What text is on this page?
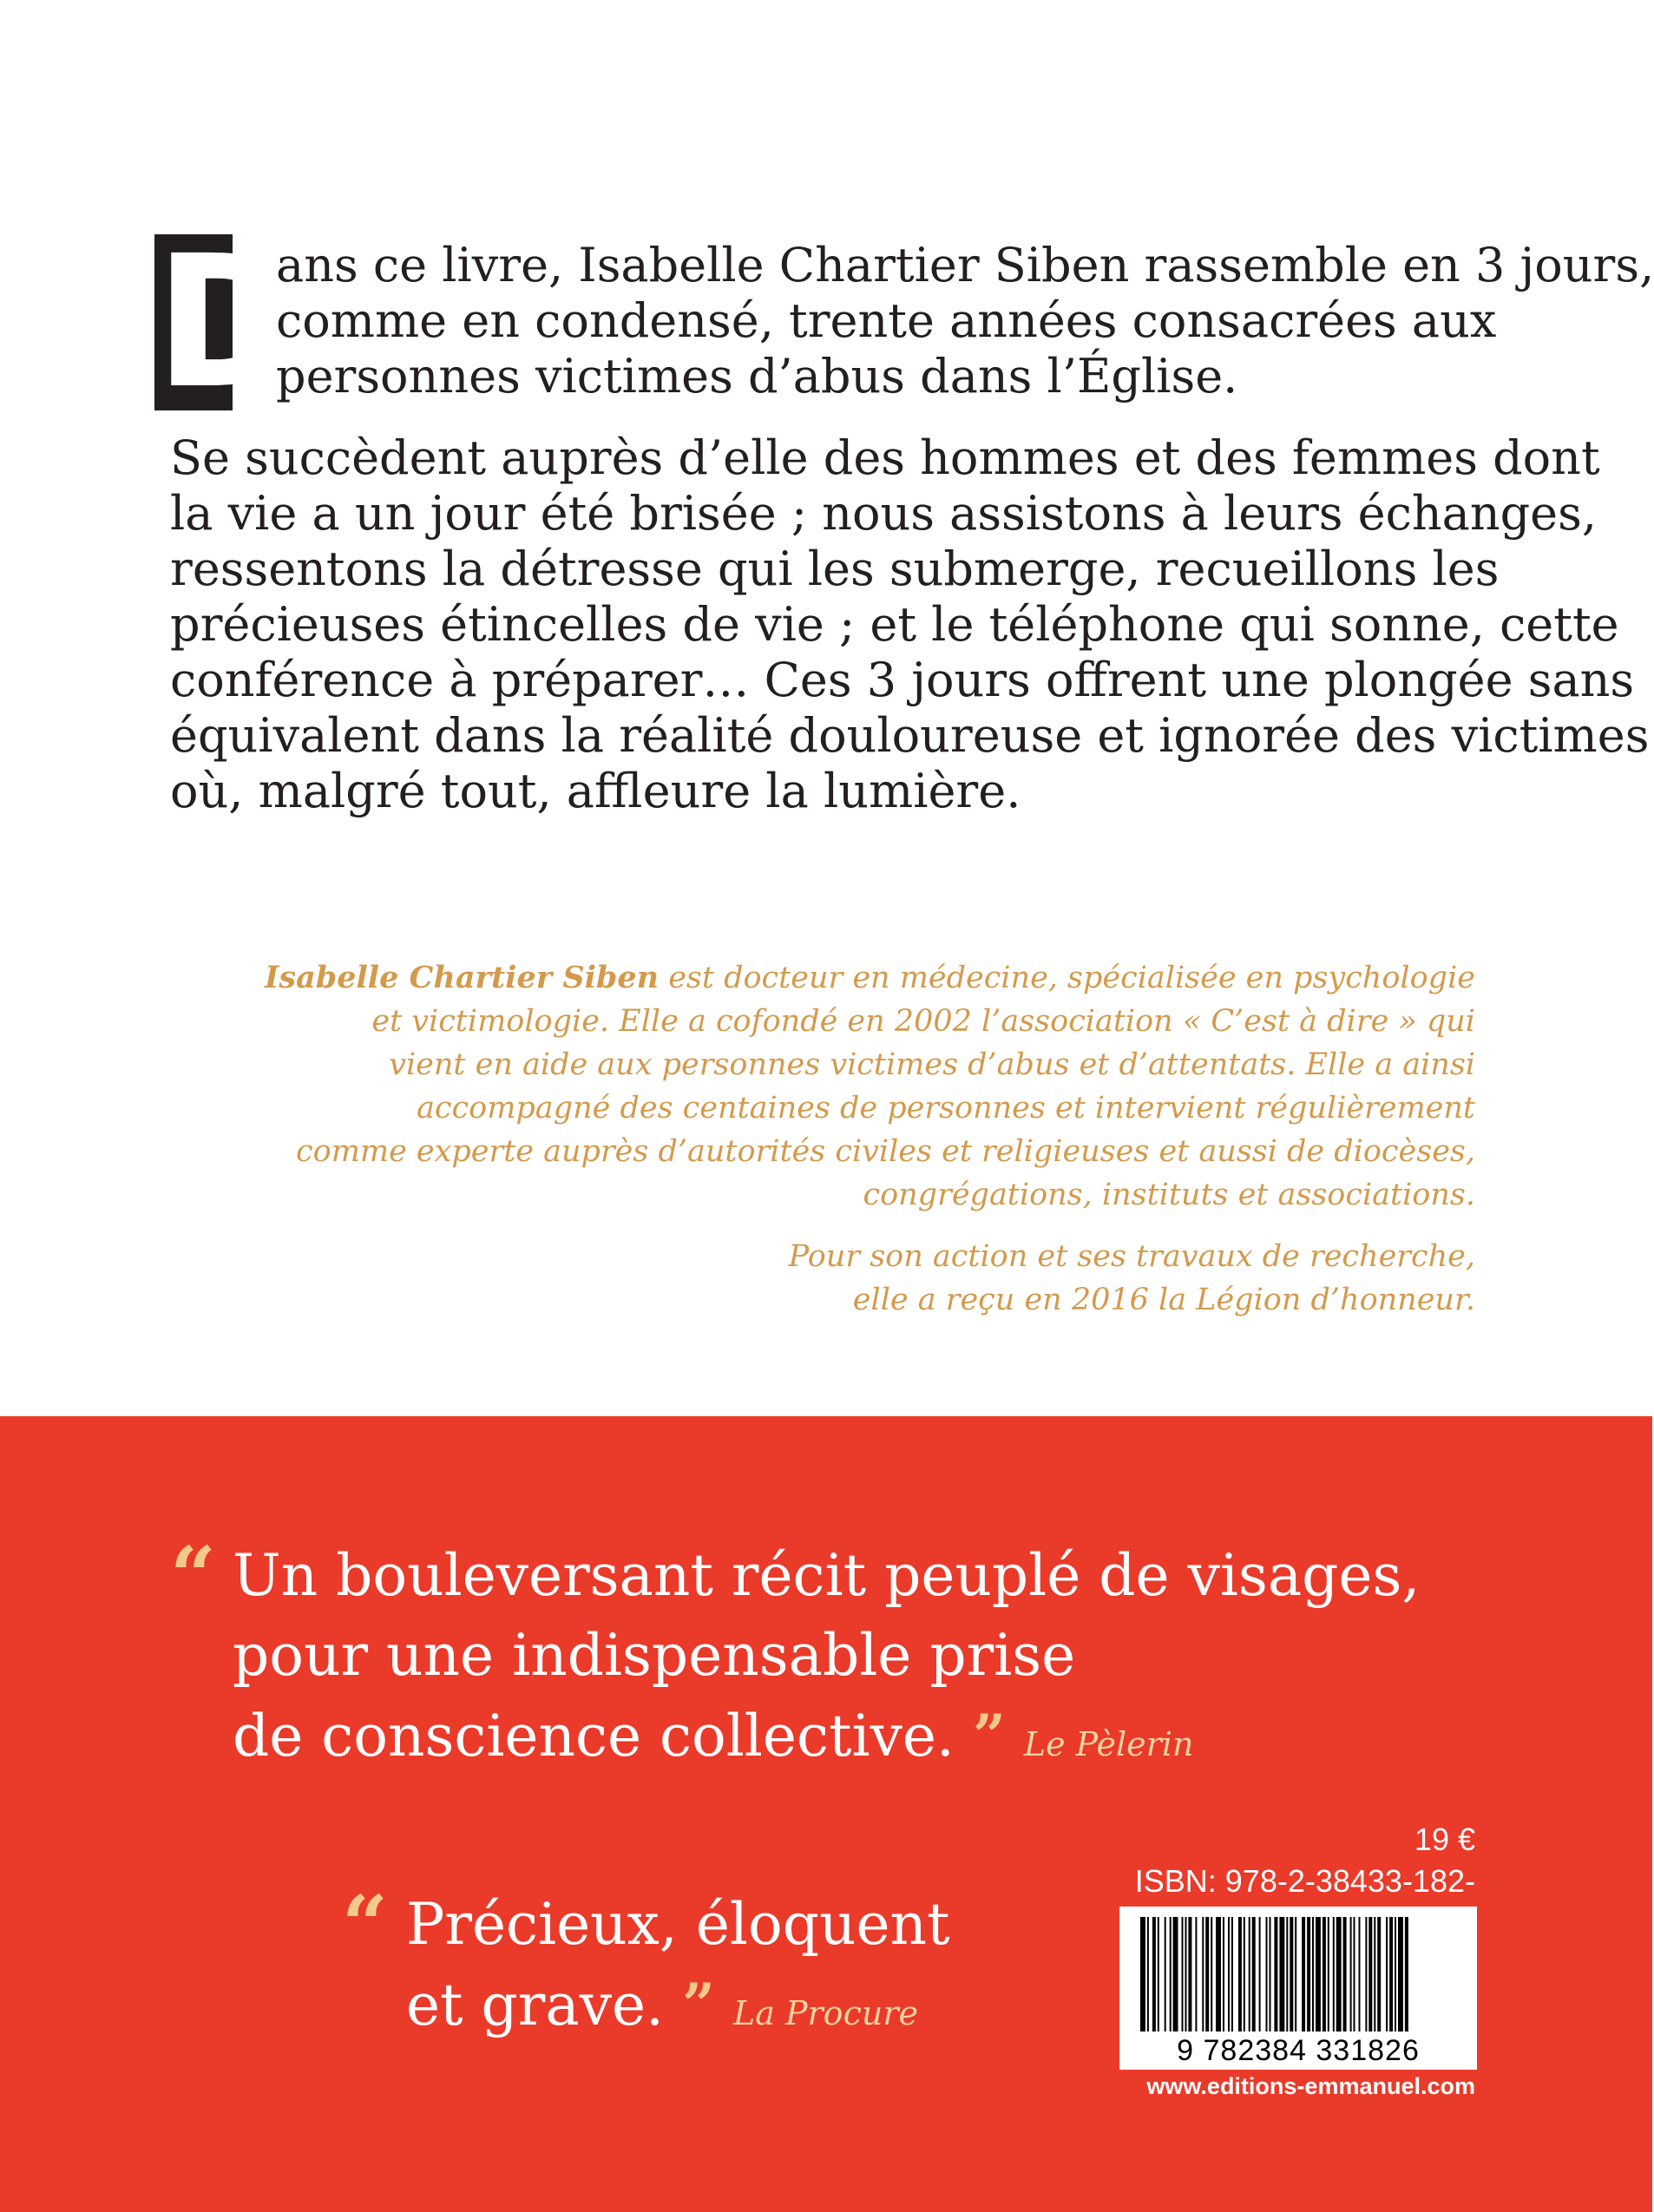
D
ans ce livre, Isabelle Chartier Siben rassemble en 3 jours,
comme en condensé, trente années consacrées aux
personnes victimes d’abus dans l’Église.
Se succèdent auprès d’elle des hommes et des femmes dont
la vie a un jour été brisée ; nous assistons à leurs échanges,
ressentons la détresse qui les submerge, recueillons les
précieuses étincelles de vie ; et le téléphone qui sonne, cette
conférence à préparer… Ces 3 jours offrent une plongée sans
équivalent dans la réalité douloureuse et ignorée des victimes
où, malgré tout, affleure la lumière.
Isabelle Chartier Siben est docteur en médecine, spécialisée en psychologie
et victimologie. Elle a cofondé en 2002 l’association « C’est à dire » qui
vient en aide aux personnes victimes d’abus et d’attentats. Elle a ainsi
accompagné des centaines de personnes et intervient régulièrement
comme experte auprès d’autorités civiles et religieuses et aussi de diocèses,
congrégations, instituts et associations.
Pour son action et ses travaux de recherche,
elle a reçu en 2016 la Légion d’honneur.
“ Un bouleversant récit peuplé de visages,
pour une indispensable prise
de conscience collective. ” Le Pèlerin
“ Précieux, éloquent
et grave. ” La Procure
19 €
ISBN: 978-2-38433-182-
9 782384 331826
www.editions-emmanuel.com
